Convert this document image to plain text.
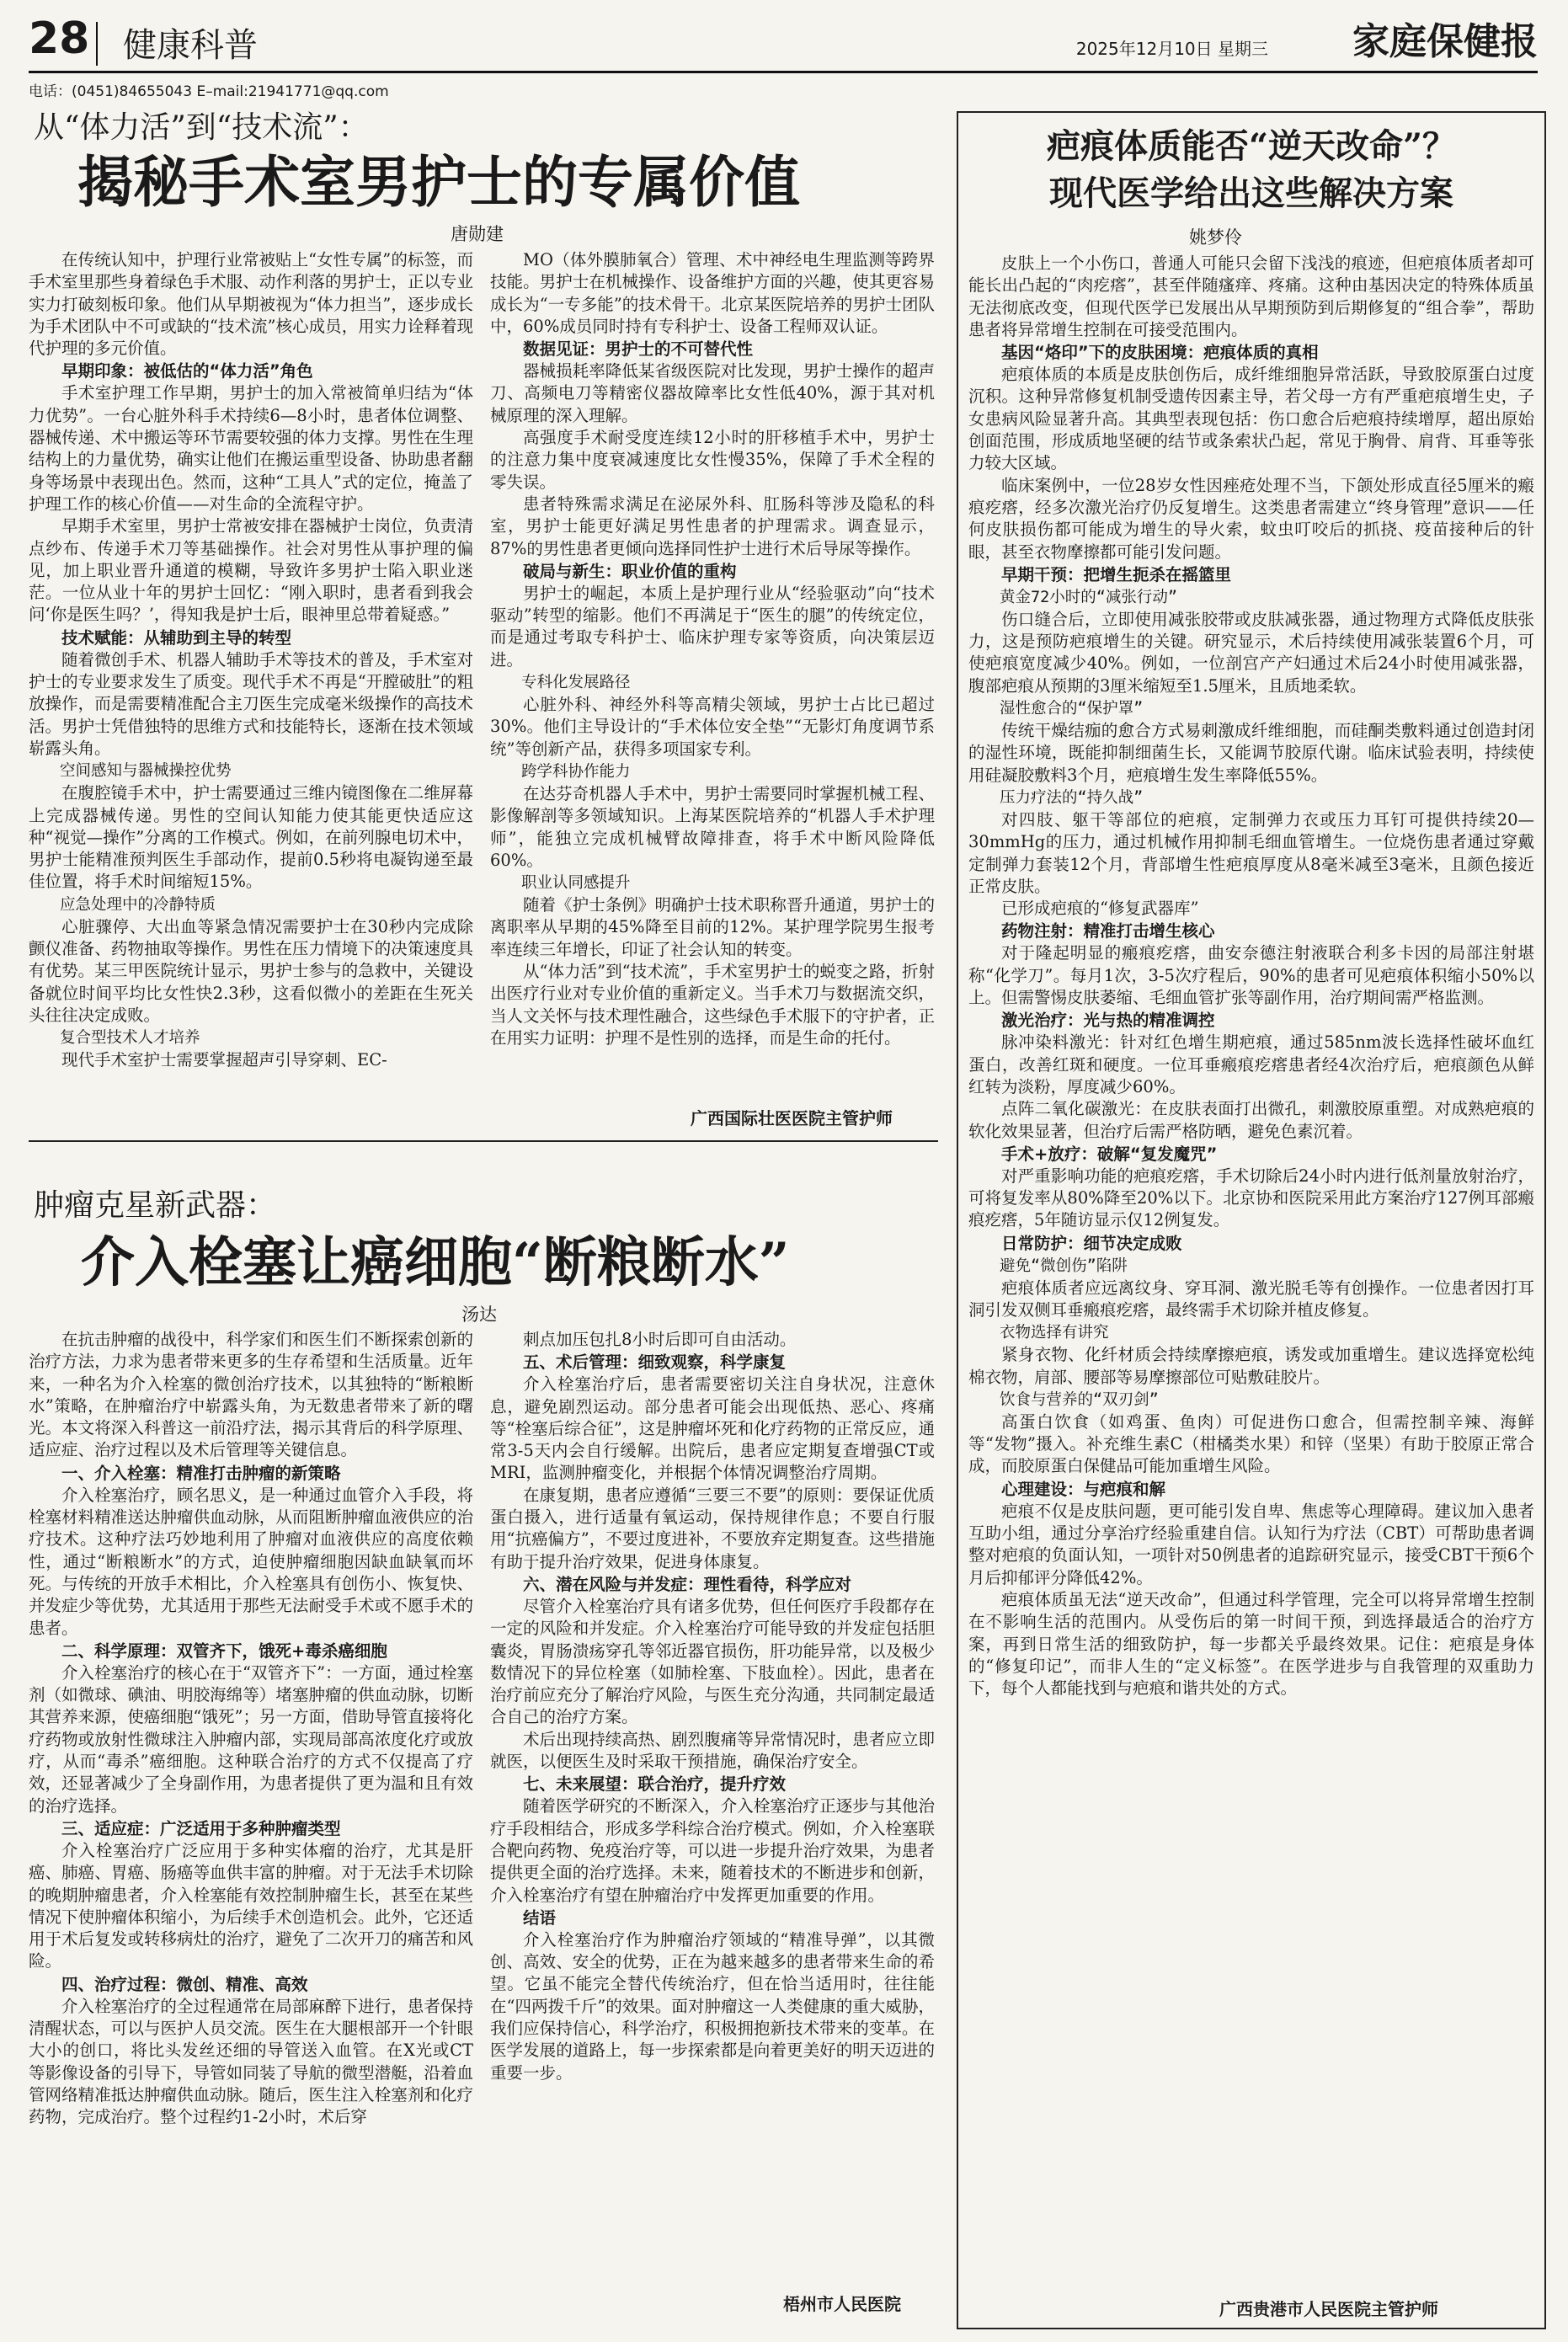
28 健康科普	2025年12月10日 星期三 家庭保健报
电话：(0451)84655043 E–mail:21941771@qq.com
从“体力活”到“技术流”：
揭秘手术室男护士的专属价值
唐勋建

在传统认知中，护理行业常被贴上“女性专属”的标签，而手术室里那些身着绿色手术服、动作利落的男护士，正以专业实力打破刻板印象。他们从早期被视为“体力担当”，逐步成长为手术团队中不可或缺的“技术流”核心成员，用实力诠释着现代护理的多元价值。

早期印象：被低估的“体力活”角色

手术室护理工作早期，男护士的加入常被简单归结为“体力优势”。一台心脏外科手术持续6—8小时，患者体位调整、器械传递、术中搬运等环节需要较强的体力支撑。男性在生理结构上的力量优势，确实让他们在搬运重型设备、协助患者翻身等场景中表现出色。然而，这种“工具人”式的定位，掩盖了护理工作的核心价值——对生命的全流程守护。

早期手术室里，男护士常被安排在器械护士岗位，负责清点纱布、传递手术刀等基础操作。社会对男性从事护理的偏见，加上职业晋升通道的模糊，导致许多男护士陷入职业迷茫。一位从业十年的男护士回忆：“刚入职时，患者看到我会问‘你是医生吗？’，得知我是护士后，眼神里总带着疑惑。”

技术赋能：从辅助到主导的转型

随着微创手术、机器人辅助手术等技术的普及，手术室对护士的专业要求发生了质变。现代手术不再是“开膛破肚”的粗放操作，而是需要精准配合主刀医生完成毫米级操作的高技术活。男护士凭借独特的思维方式和技能特长，逐渐在技术领域崭露头角。

空间感知与器械操控优势

在腹腔镜手术中，护士需要通过三维内镜图像在二维屏幕上完成器械传递。男性的空间认知能力使其能更快适应这种“视觉—操作”分离的工作模式。例如，在前列腺电切术中，男护士能精准预判医生手部动作，提前0.5秒将电凝钩递至最佳位置，将手术时间缩短15%。

应急处理中的冷静特质

心脏骤停、大出血等紧急情况需要护士在30秒内完成除颤仪准备、药物抽取等操作。男性在压力情境下的决策速度具有优势。某三甲医院统计显示，男护士参与的急救中，关键设备就位时间平均比女性快2.3秒，这看似微小的差距在生死关头往往决定成败。

复合型技术人才培养

现代手术室护士需要掌握超声引导穿刺、EC-

MO（体外膜肺氧合）管理、术中神经电生理监测等跨界技能。男护士在机械操作、设备维护方面的兴趣，使其更容易成长为“一专多能”的技术骨干。北京某医院培养的男护士团队中，60%成员同时持有专科护士、设备工程师双认证。

数据见证：男护士的不可替代性

器械损耗率降低某省级医院对比发现，男护士操作的超声刀、高频电刀等精密仪器故障率比女性低40%，源于其对机械原理的深入理解。

高强度手术耐受度连续12小时的肝移植手术中，男护士的注意力集中度衰减速度比女性慢35%，保障了手术全程的零失误。

患者特殊需求满足在泌尿外科、肛肠科等涉及隐私的科室，男护士能更好满足男性患者的护理需求。调查显示，87%的男性患者更倾向选择同性护士进行术后导尿等操作。

破局与新生：职业价值的重构

男护士的崛起，本质上是护理行业从“经验驱动”向“技术驱动”转型的缩影。他们不再满足于“医生的腿”的传统定位，而是通过考取专科护士、临床护理专家等资质，向决策层迈进。

专科化发展路径

心脏外科、神经外科等高精尖领域，男护士占比已超过30%。他们主导设计的“手术体位安全垫”“无影灯角度调节系统”等创新产品，获得多项国家专利。

跨学科协作能力

在达芬奇机器人手术中，男护士需要同时掌握机械工程、影像解剖等多领域知识。上海某医院培养的“机器人手术护理师”，能独立完成机械臂故障排查，将手术中断风险降低60%。

职业认同感提升

随着《护士条例》明确护士技术职称晋升通道，男护士的离职率从早期的45%降至目前的12%。某护理学院男生报考率连续三年增长，印证了社会认知的转变。

从“体力活”到“技术流”，手术室男护士的蜕变之路，折射出医疗行业对专业价值的重新定义。当手术刀与数据流交织，当人文关怀与技术理性融合，这些绿色手术服下的守护者，正在用实力证明：护理不是性别的选择，而是生命的托付。

广西国际壮医医院主管护师
肿瘤克星新武器：
介入栓塞让癌细胞“断粮断水”
汤达

在抗击肿瘤的战役中，科学家们和医生们不断探索创新的治疗方法，力求为患者带来更多的生存希望和生活质量。近年来，一种名为介入栓塞的微创治疗技术，以其独特的“断粮断水”策略，在肿瘤治疗中崭露头角，为无数患者带来了新的曙光。本文将深入科普这一前沿疗法，揭示其背后的科学原理、适应症、治疗过程以及术后管理等关键信息。

一、介入栓塞：精准打击肿瘤的新策略

介入栓塞治疗，顾名思义，是一种通过血管介入手段，将栓塞材料精准送达肿瘤供血动脉，从而阻断肿瘤血液供应的治疗技术。这种疗法巧妙地利用了肿瘤对血液供应的高度依赖性，通过“断粮断水”的方式，迫使肿瘤细胞因缺血缺氧而坏死。与传统的开放手术相比，介入栓塞具有创伤小、恢复快、并发症少等优势，尤其适用于那些无法耐受手术或不愿手术的患者。

二、科学原理：双管齐下，饿死+毒杀癌细胞

介入栓塞治疗的核心在于“双管齐下”：一方面，通过栓塞剂（如微球、碘油、明胶海绵等）堵塞肿瘤的供血动脉，切断其营养来源，使癌细胞“饿死”；另一方面，借助导管直接将化疗药物或放射性微球注入肿瘤内部，实现局部高浓度化疗或放疗，从而“毒杀”癌细胞。这种联合治疗的方式不仅提高了疗效，还显著减少了全身副作用，为患者提供了更为温和且有效的治疗选择。

三、适应症：广泛适用于多种肿瘤类型

介入栓塞治疗广泛应用于多种实体瘤的治疗，尤其是肝癌、肺癌、胃癌、肠癌等血供丰富的肿瘤。对于无法手术切除的晚期肿瘤患者，介入栓塞能有效控制肿瘤生长，甚至在某些情况下使肿瘤体积缩小，为后续手术创造机会。此外，它还适用于术后复发或转移病灶的治疗，避免了二次开刀的痛苦和风险。

四、治疗过程：微创、精准、高效

介入栓塞治疗的全过程通常在局部麻醉下进行，患者保持清醒状态，可以与医护人员交流。医生在大腿根部开一个针眼大小的创口，将比头发丝还细的导管送入血管。在X光或CT等影像设备的引导下，导管如同装了导航的微型潜艇，沿着血管网络精准抵达肿瘤供血动脉。随后，医生注入栓塞剂和化疗药物，完成治疗。整个过程约1-2小时，术后穿

刺点加压包扎8小时后即可自由活动。

五、术后管理：细致观察，科学康复

介入栓塞治疗后，患者需要密切关注自身状况，注意休息，避免剧烈运动。部分患者可能会出现低热、恶心、疼痛等“栓塞后综合征”，这是肿瘤坏死和化疗药物的正常反应，通常3-5天内会自行缓解。出院后，患者应定期复查增强CT或MRI，监测肿瘤变化，并根据个体情况调整治疗周期。

在康复期，患者应遵循“三要三不要”的原则：要保证优质蛋白摄入，进行适量有氧运动，保持规律作息；不要自行服用“抗癌偏方”，不要过度进补，不要放弃定期复查。这些措施有助于提升治疗效果，促进身体康复。

六、潜在风险与并发症：理性看待，科学应对

尽管介入栓塞治疗具有诸多优势，但任何医疗手段都存在一定的风险和并发症。介入栓塞治疗可能导致的并发症包括胆囊炎，胃肠溃疡穿孔等邻近器官损伤，肝功能异常，以及极少数情况下的异位栓塞（如肺栓塞、下肢血栓）。因此，患者在治疗前应充分了解治疗风险，与医生充分沟通，共同制定最适合自己的治疗方案。

术后出现持续高热、剧烈腹痛等异常情况时，患者应立即就医，以便医生及时采取干预措施，确保治疗安全。

七、未来展望：联合治疗，提升疗效

随着医学研究的不断深入，介入栓塞治疗正逐步与其他治疗手段相结合，形成多学科综合治疗模式。例如，介入栓塞联合靶向药物、免疫治疗等，可以进一步提升治疗效果，为患者提供更全面的治疗选择。未来，随着技术的不断进步和创新，介入栓塞治疗有望在肿瘤治疗中发挥更加重要的作用。

结语

介入栓塞治疗作为肿瘤治疗领域的“精准导弹”，以其微创、高效、安全的优势，正在为越来越多的患者带来生命的希望。它虽不能完全替代传统治疗，但在恰当适用时，往往能在“四两拨千斤”的效果。面对肿瘤这一人类健康的重大威胁，我们应保持信心，科学治疗，积极拥抱新技术带来的变革。在医学发展的道路上，每一步探索都是向着更美好的明天迈进的重要一步。

梧州市人民医院
疤痕体质能否“逆天改命”？
现代医学给出这些解决方案
姚梦伶

皮肤上一个小伤口，普通人可能只会留下浅浅的痕迹，但疤痕体质者却可能长出凸起的“肉疙瘩”，甚至伴随瘙痒、疼痛。这种由基因决定的特殊体质虽无法彻底改变，但现代医学已发展出从早期预防到后期修复的“组合拳”，帮助患者将异常增生控制在可接受范围内。

基因“烙印”下的皮肤困境：疤痕体质的真相

疤痕体质的本质是皮肤创伤后，成纤维细胞异常活跃，导致胶原蛋白过度沉积。这种异常修复机制受遗传因素主导，若父母一方有严重疤痕增生史，子女患病风险显著升高。其典型表现包括：伤口愈合后疤痕持续增厚，超出原始创面范围，形成质地坚硬的结节或条索状凸起，常见于胸骨、肩背、耳垂等张力较大区域。

临床案例中，一位28岁女性因痤疮处理不当，下颌处形成直径5厘米的瘢痕疙瘩，经多次激光治疗仍反复增生。这类患者需建立“终身管理”意识——任何皮肤损伤都可能成为增生的导火索，蚊虫叮咬后的抓挠、疫苗接种后的针眼，甚至衣物摩擦都可能引发问题。

早期干预：把增生扼杀在摇篮里
黄金72小时的“减张行动”

伤口缝合后，立即使用减张胶带或皮肤减张器，通过物理方式降低皮肤张力，这是预防疤痕增生的关键。研究显示，术后持续使用减张装置6个月，可使疤痕宽度减少40%。例如，一位剖宫产产妇通过术后24小时使用减张器，腹部疤痕从预期的3厘米缩短至1.5厘米，且质地柔软。

湿性愈合的“保护罩”

传统干燥结痂的愈合方式易刺激成纤维细胞，而硅酮类敷料通过创造封闭的湿性环境，既能抑制细菌生长，又能调节胶原代谢。临床试验表明，持续使用硅凝胶敷料3个月，疤痕增生发生率降低55%。

压力疗法的“持久战”

对四肢、躯干等部位的疤痕，定制弹力衣或压力耳钉可提供持续20—30mmHg的压力，通过机械作用抑制毛细血管增生。一位烧伤患者通过穿戴定制弹力套装12个月，背部增生性疤痕厚度从8毫米减至3毫米，且颜色接近正常皮肤。

已形成疤痕的“修复武器库”

药物注射：精准打击增生核心

对于隆起明显的瘢痕疙瘩，曲安奈德注射液联合利多卡因的局部注射堪称“化学刀”。每月1次，3-5次疗程后，90%的患者可见疤痕体积缩小50%以上。但需警惕皮肤萎缩、毛细血管扩张等副作用，治疗期间需严格监测。

激光治疗：光与热的精准调控

脉冲染料激光：针对红色增生期疤痕，通过585nm波长选择性破坏血红蛋白，改善红斑和硬度。一位耳垂瘢痕疙瘩患者经4次治疗后，疤痕颜色从鲜红转为淡粉，厚度减少60%。

点阵二氧化碳激光：在皮肤表面打出微孔，刺激胶原重塑。对成熟疤痕的软化效果显著，但治疗后需严格防晒，避免色素沉着。

手术+放疗：破解“复发魔咒”

对严重影响功能的疤痕疙瘩，手术切除后24小时内进行低剂量放射治疗，可将复发率从80%降至20%以下。北京协和医院采用此方案治疗127例耳部瘢痕疙瘩，5年随访显示仅12例复发。

日常防护：细节决定成败
避免“微创伤”陷阱

疤痕体质者应远离纹身、穿耳洞、激光脱毛等有创操作。一位患者因打耳洞引发双侧耳垂瘢痕疙瘩，最终需手术切除并植皮修复。

衣物选择有讲究

紧身衣物、化纤材质会持续摩擦疤痕，诱发或加重增生。建议选择宽松纯棉衣物，肩部、腰部等易摩擦部位可贴敷硅胶片。

饮食与营养的“双刃剑”

高蛋白饮食（如鸡蛋、鱼肉）可促进伤口愈合，但需控制辛辣、海鲜等“发物”摄入。补充维生素C（柑橘类水果）和锌（坚果）有助于胶原正常合成，而胶原蛋白保健品可能加重增生风险。

心理建设：与疤痕和解

疤痕不仅是皮肤问题，更可能引发自卑、焦虑等心理障碍。建议加入患者互助小组，通过分享治疗经验重建自信。认知行为疗法（CBT）可帮助患者调整对疤痕的负面认知，一项针对50例患者的追踪研究显示，接受CBT干预6个月后抑郁评分降低42%。

疤痕体质虽无法“逆天改命”，但通过科学管理，完全可以将异常增生控制在不影响生活的范围内。从受伤后的第一时间干预，到选择最适合的治疗方案，再到日常生活的细致防护，每一步都关乎最终效果。记住：疤痕是身体的“修复印记”，而非人生的“定义标签”。在医学进步与自我管理的双重助力下，每个人都能找到与疤痕和谐共处的方式。

广西贵港市人民医院主管护师
